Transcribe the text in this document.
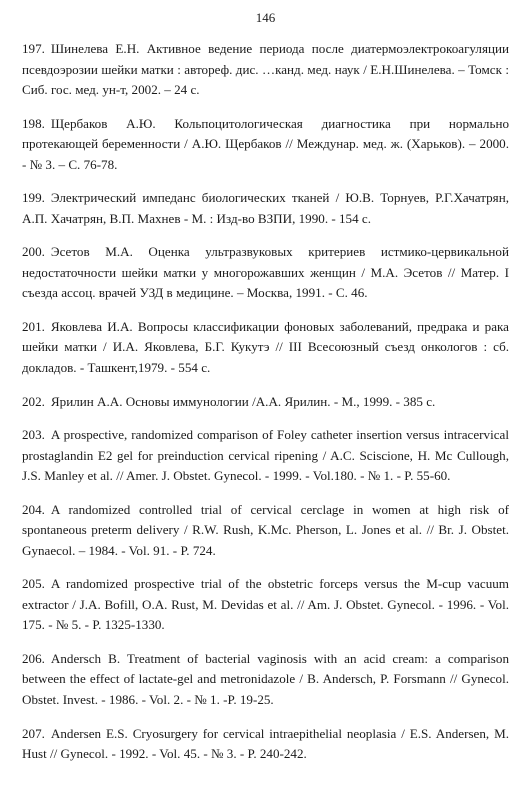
146

197. Шинелева Е.Н. Активное ведение периода после диатермоэлектрокоагуляции псевдоэрозии шейки матки : автореф. дис. …канд. мед. наук / Е.Н.Шинелева. – Томск : Сиб. гос. мед. ун-т, 2002. – 24 с.

198. Щербаков А.Ю. Кольпоцитологическая диагностика при нормально протекающей беременности / А.Ю. Щербаков // Междунар. мед. ж. (Харьков). – 2000. - № 3. – С. 76-78.

199. Электрический импеданс биологических тканей / Ю.В. Торнуев, Р.Г.Хачатрян, А.П. Хачатрян, В.П. Махнев - М. : Изд-во ВЗПИ, 1990. - 154 с.

200. Эсетов М.А. Оценка ультразвуковых критериев истмико-цервикальной недостаточности шейки матки у многорожавших женщин / М.А. Эсетов // Матер. I съезда ассоц. врачей УЗД в медицине. – Москва, 1991. - С. 46.

201. Яковлева И.А. Вопросы классификации фоновых заболеваний, предрака и рака шейки матки / И.А. Яковлева, Б.Г. Кукутэ // III Всесоюзный съезд онкологов : сб. докладов. - Ташкент,1979. - 554 с.

202. Ярилин А.А. Основы иммунологии /А.А. Ярилин. - М., 1999. - 385 с.

203. A prospective, randomized comparison of Foley catheter insertion versus intracervical prostaglandin E2 gel for preinduction cervical ripening / A.C. Sciscione, H. Mc Cullough, J.S. Manley et al. // Amer. J. Obstet. Gynecol. - 1999. - Vol.180. - № 1. - P. 55-60.

204. A randomized controlled trial of cervical cerclage in women at high risk of spontaneous preterm delivery / R.W. Rush, K.Mc. Pherson, L. Jones et al. // Br. J. Obstet. Gynaecol. – 1984. - Vol. 91. - P. 724.

205. A randomized prospective trial of the obstetric forceps versus the M-cup vacuum extractor / J.A. Bofill, O.A. Rust, M. Devidas et al. // Am. J. Obstet. Gynecol. - 1996. - Vol. 175. - № 5. - P. 1325-1330.

206. Andersch B. Treatment of bacterial vaginosis with an acid cream: a comparison between the effect of lactate-gel and metronidazole / B. Andersch, P. Forsmann // Gynecol. Obstet. Invest. - 1986. - Vol. 2. - № 1. -P. 19-25.

207. Andersen E.S. Cryosurgery for cervical intraepithelial neoplasia / E.S. Andersen, M. Hust // Gynecol. - 1992. - Vol. 45. - № 3. - P. 240-242.
